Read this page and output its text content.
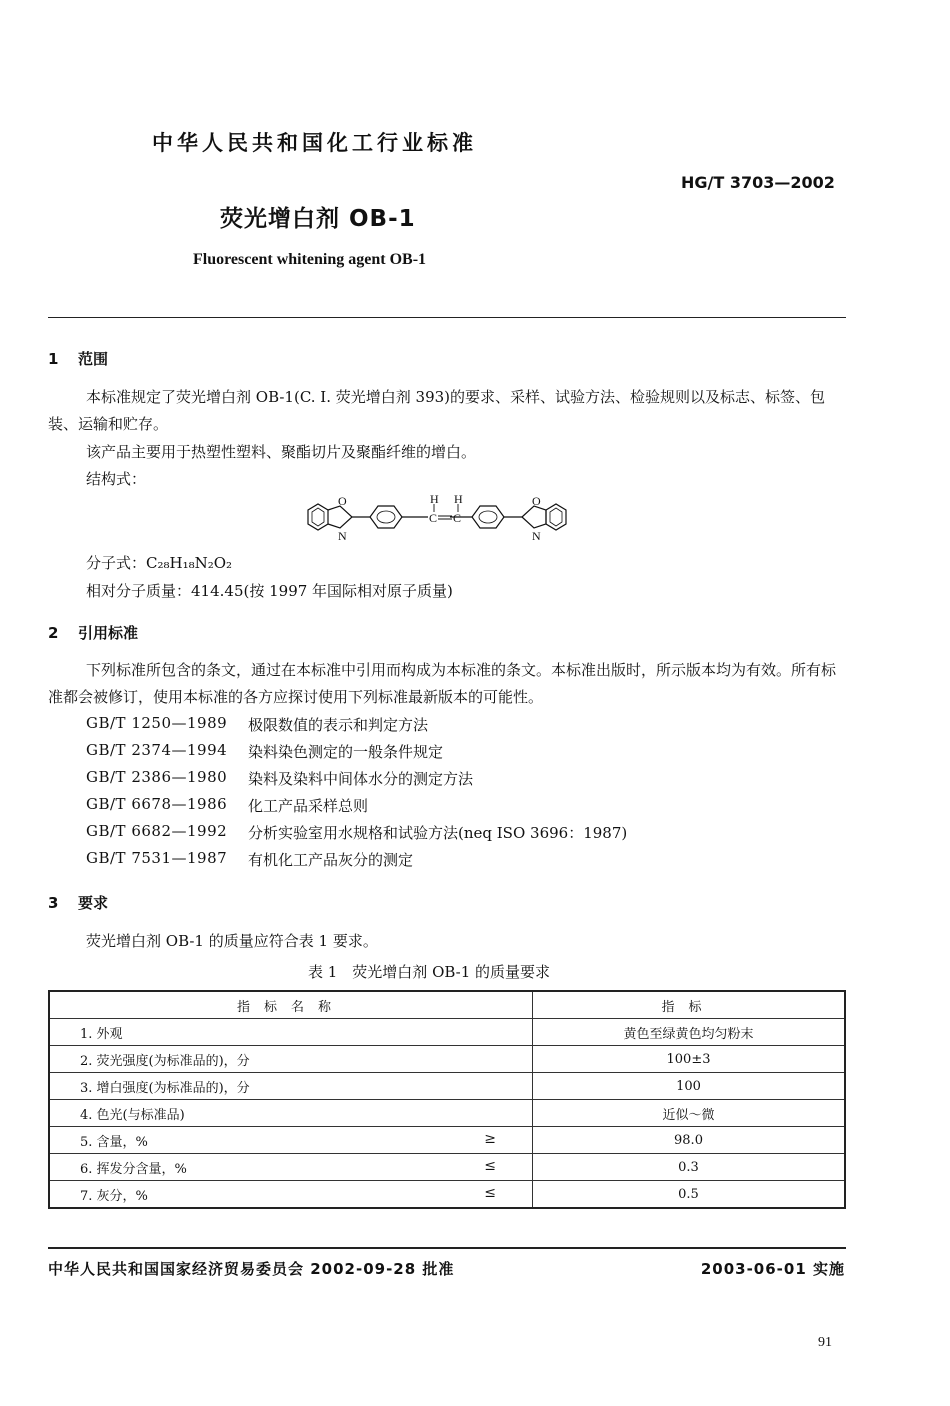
中华人民共和国化工行业标准
HG/T 3703—2002
荧光增白剂 OB-1
Fluorescent whitening agent OB-1
1 范围
本标准规定了荧光增白剂 OB-1(C. I. 荧光增白剂 393)的要求、采样、试验方法、检验规则以及标志、标签、包装、运输和贮存。
该产品主要用于热塑性塑料、聚酯切片及聚酯纤维的增白。
结构式：
O
N
H H
C C
O
N
分子式：C₂₈H₁₈N₂O₂
相对分子质量：414.45(按 1997 年国际相对原子质量)
2 引用标准
下列标准所包含的条文，通过在本标准中引用而构成为本标准的条文。本标准出版时，所示版本均为有效。所有标准都会被修订，使用本标准的各方应探讨使用下列标准最新版本的可能性。
GB/T 1250—1989	极限数值的表示和判定方法
GB/T 2374—1994	染料染色测定的一般条件规定
GB/T 2386—1980	染料及染料中间体水分的测定方法
GB/T 6678—1986	化工产品采样总则
GB/T 6682—1992	分析实验室用水规格和试验方法(neq ISO 3696：1987)
GB/T 7531—1987	有机化工产品灰分的测定
3 要求
荧光增白剂 OB-1 的质量应符合表 1 要求。
表 1　荧光增白剂 OB-1 的质量要求
指标名称	指标
1. 外观	黄色至绿黄色均匀粉末
2. 荧光强度(为标准品的)，分	100±3
3. 增白强度(为标准品的)，分	100
4. 色光(与标准品)	近似～微
5. 含量，% ≥	98.0
6. 挥发分含量，% ≤	0.3
7. 灰分，% ≤	0.5
中华人民共和国国家经济贸易委员会 2002-09-28 批准	2003-06-01 实施
91
